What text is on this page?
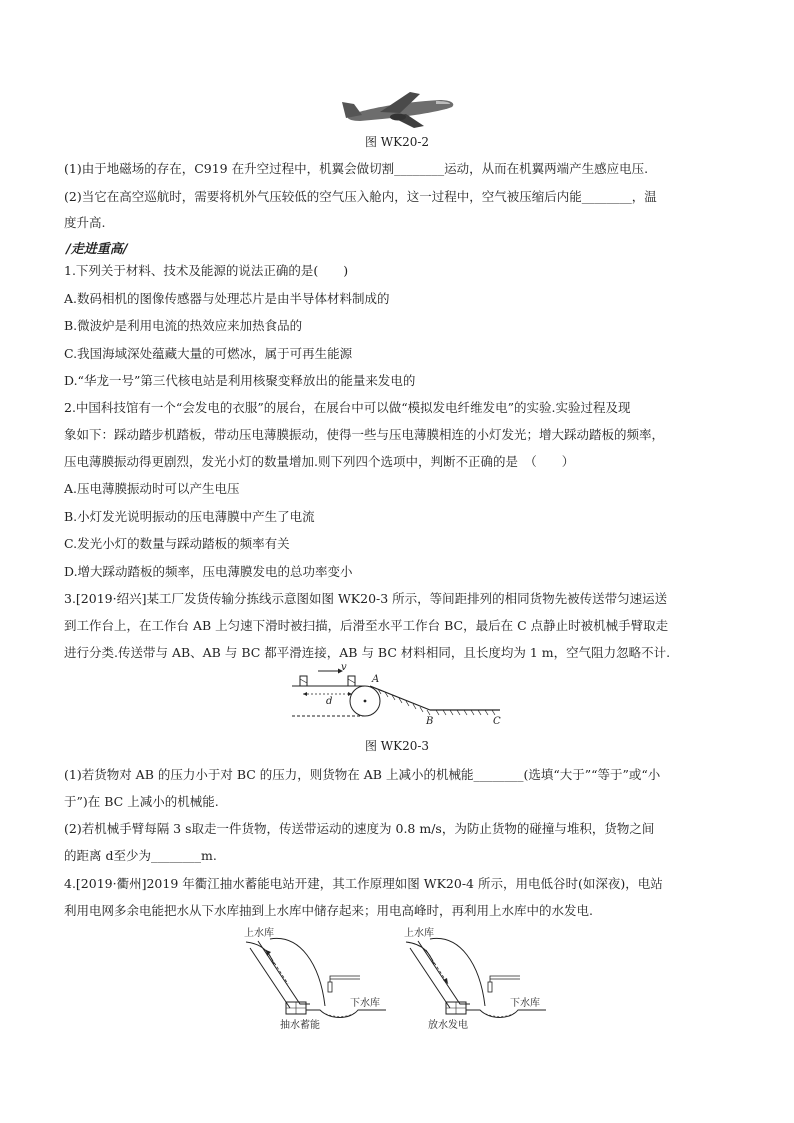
图 WK20-2
(1)由于地磁场的存在，C919 在升空过程中，机翼会做切割________运动，从而在机翼两端产生感应电压.
(2)当它在高空巡航时，需要将机外气压较低的空气压入舱内，这一过程中，空气被压缩后内能________，温
度升高.
/走进重高/
1.下列关于材料、技术及能源的说法正确的是(　　)
A.数码相机的图像传感器与处理芯片是由半导体材料制成的
B.微波炉是利用电流的热效应来加热食品的
C.我国海域深处蕴藏大量的可燃冰，属于可再生能源
D.“华龙一号”第三代核电站是利用核聚变释放出的能量来发电的
2.中国科技馆有一个“会发电的衣服”的展台，在展台中可以做“模拟发电纤维发电”的实验.实验过程及现
象如下：踩动踏步机踏板，带动压电薄膜振动，使得一些与压电薄膜相连的小灯发光；增大踩动踏板的频率，
压电薄膜振动得更剧烈，发光小灯的数量增加.则下列四个选项中，判断不正确的是　（　　）
A.压电薄膜振动时可以产生电压
B.小灯发光说明振动的压电薄膜中产生了电流
C.发光小灯的数量与踩动踏板的频率有关
D.增大踩动踏板的频率，压电薄膜发电的总功率变小
3.[2019·绍兴]某工厂发货传输分拣线示意图如图 WK20-3 所示，等间距排列的相同货物先被传送带匀速运送
到工作台上，在工作台 AB 上匀速下滑时被扫描，后滑至水平工作台 BC，最后在 C 点静止时被机械手臂取走
进行分类.传送带与 AB、AB 与 BC 都平滑连接，AB 与 BC 材料相同，且长度均为 1 m，空气阻力忽略不计.
v
d
A
B	C
图 WK20-3
(1)若货物对 AB 的压力小于对 BC 的压力，则货物在 AB 上减小的机械能________(选填“大于”“等于”或“小
于”)在 BC 上减小的机械能.
(2)若机械手臂每隔 3 s取走一件货物，传送带运动的速度为 0.8 m/s，为防止货物的碰撞与堆积，货物之间
的距离 d至少为________m.
4.[2019·衢州]2019 年衢江抽水蓄能电站开建，其工作原理如图 WK20-4 所示，用电低谷时(如深夜)，电站
利用电网多余电能把水从下水库抽到上水库中储存起来；用电高峰时，再利用上水库中的水发电.
上水库
下水库
抽水蓄能
上水库
下水库
放水发电
